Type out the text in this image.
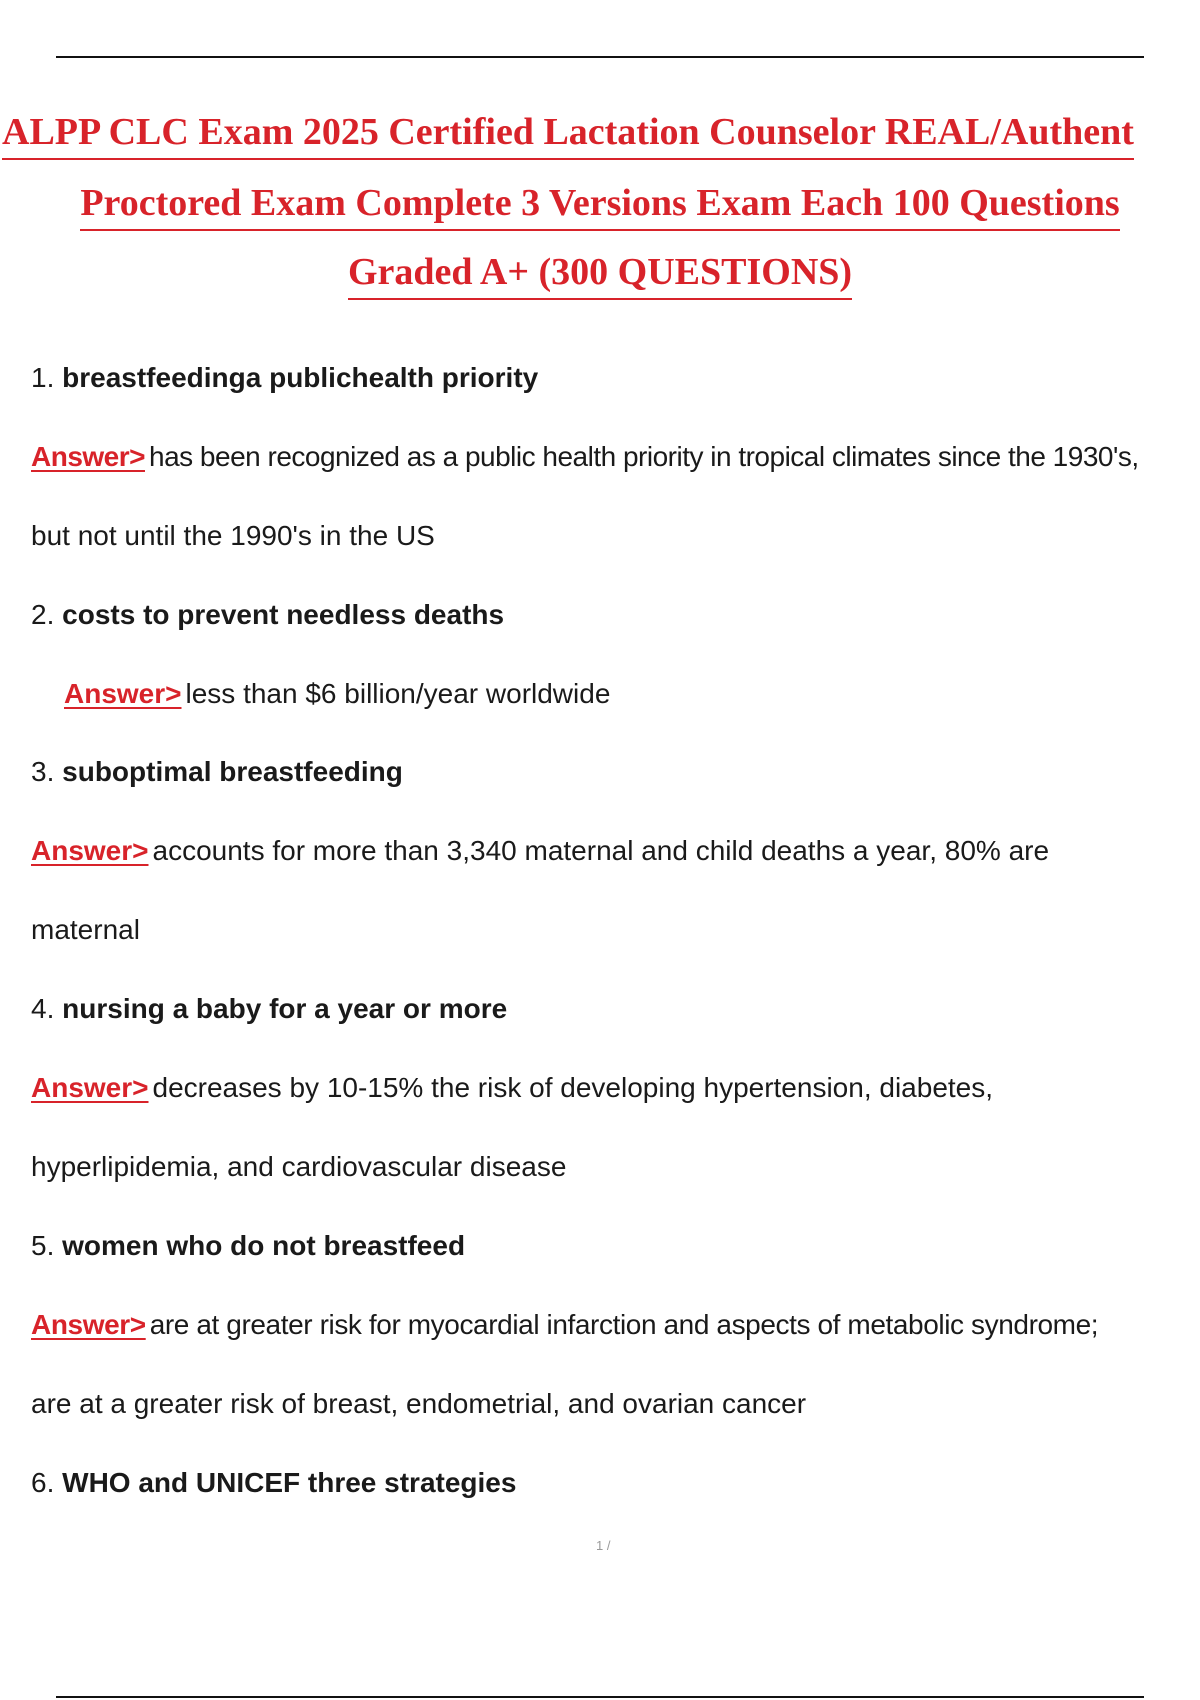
ALPP CLC Exam 2025 Certified Lactation Counselor REAL/Authent
Proctored Exam Complete 3 Versions Exam Each 100 Questions
Graded A+ (300 QUESTIONS)
1. breastfeedinga publichealth priority
Answer> has been recognized as a public health priority in tropical climates since the 1930's,
but not until the 1990's in the US
2. costs to prevent needless deaths
Answer> less than $6 billion/year worldwide
3. suboptimal breastfeeding
Answer> accounts for more than 3,340 maternal and child deaths a year, 80% are
maternal
4. nursing a baby for a year or more
Answer> decreases by 10-15% the risk of developing hypertension, diabetes,
hyperlipidemia, and cardiovascular disease
5. women who do not breastfeed
Answer> are at greater risk for myocardial infarction and aspects of metabolic syndrome;
are at a greater risk of breast, endometrial, and ovarian cancer
6. WHO and UNICEF three strategies
1 /
